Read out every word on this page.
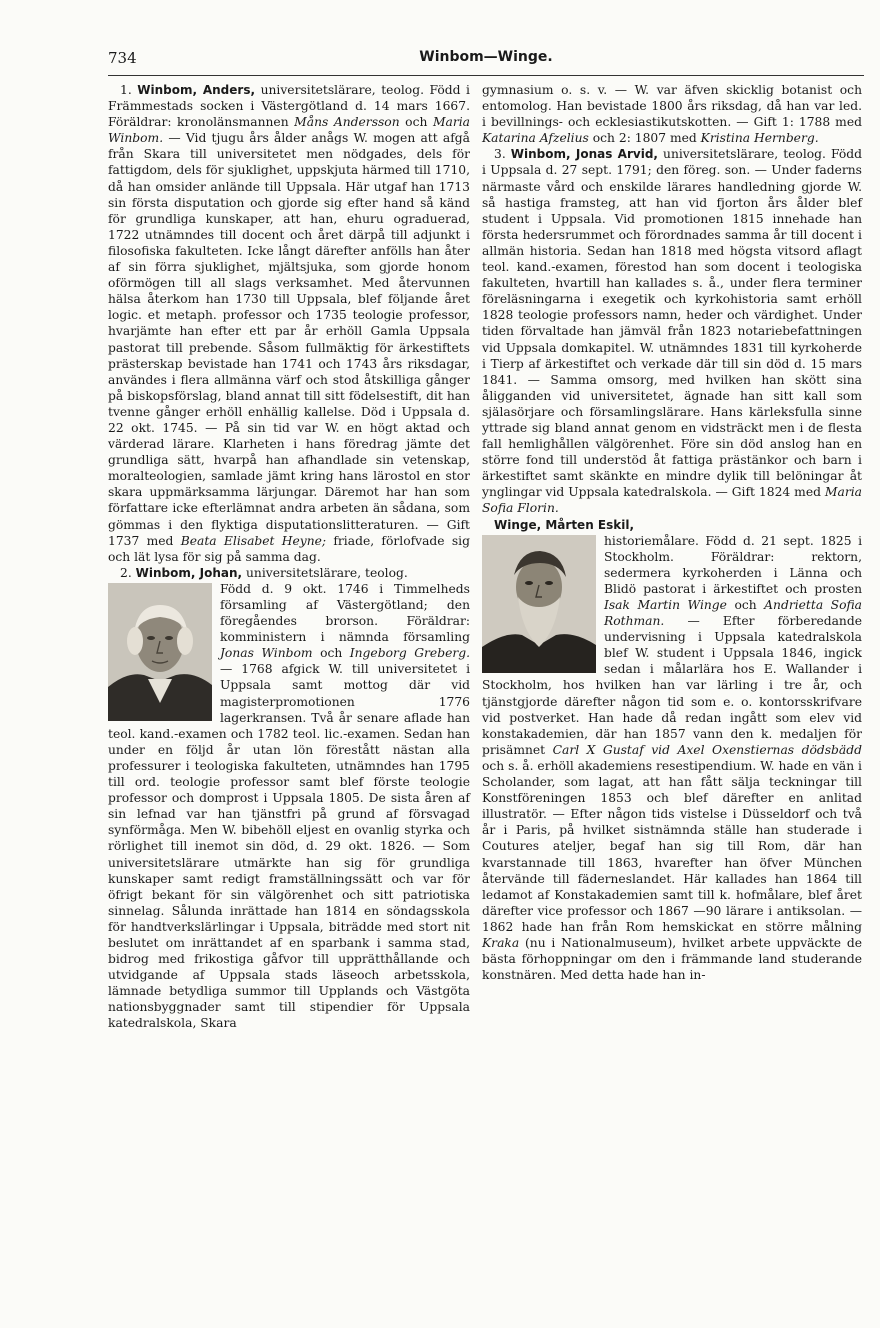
734	Winbom—Winge.

1. Winbom, Anders, universitetslärare, teolog. Född i Främmestads socken i Västergötland d. 14 mars 1667. Föräldrar: kronolänsmannen Måns Andersson och Maria Winbom. — Vid tjugu års ålder anågs W. mogen att afgå från Skara till universitetet men nödgades, dels för fattigdom, dels för sjuklighet, uppskjuta härmed till 1710, då han omsider anlände till Uppsala. Här utgaf han 1713 sin första disputation och gjorde sig efter hand så känd för grundliga kunskaper, att han, ehuru ograduerad, 1722 utnämndes till docent och året därpå till adjunkt i filosofiska fakulteten. Icke långt därefter anfölls han åter af sin förra sjuklighet, mjältsjuka, som gjorde honom oförmögen till all slags verksamhet. Med återvunnen hälsa återkom han 1730 till Uppsala, blef följande året logic. et metaph. professor och 1735 teologie professor, hvarjämte han efter ett par år erhöll Gamla Uppsala pastorat till prebende. Såsom fullmäktig för ärkestiftets prästerskap bevistade han 1741 och 1743 års riksdagar, användes i flera allmänna värf och stod åtskilliga gånger på biskopsförslag, bland annat till sitt födelsestift, dit han tvenne gånger erhöll enhällig kallelse. Död i Uppsala d. 22 okt. 1745. — På sin tid var W. en högt aktad och värderad lärare. Klarheten i hans föredrag jämte det grundliga sätt, hvarpå han afhandlade sin vetenskap, moralteologien, samlade jämt kring hans lärostol en stor skara uppmärksamma lärjungar. Däremot har han som författare icke efterlämnat andra arbeten än sådana, som gömmas i den flyktiga disputationslitteraturen. — Gift 1737 med Beata Elisabet Heyne; friade, förlofvade sig och lät lysa för sig på samma dag.

2. Winbom, Johan, universitetslärare, teolog.

Född d. 9 okt. 1746 i Timmelheds församling af Västergötland; den föregåendes brorson. Föräldrar: komministern i nämnda församling Jonas Winbom och Ingeborg Greberg. — 1768 afgick W. till universitetet i Uppsala samt mottog där vid magisterpromotionen 1776 lagerkransen. Två år senare aflade han teol. kand.-examen och 1782 teol. lic.-examen. Sedan han under en följd år utan lön förestått nästan alla professurer i teologiska fakulteten, utnämndes han 1795 till ord. teologie professor samt blef förste teologie professor och domprost i Uppsala 1805. De sista åren af sin lefnad var han tjänstfri på grund af försvagad synförmåga. Men W. bibehöll eljest en ovanlig styrka och rörlighet till inemot sin död, d. 29 okt. 1826. — Som universitetslärare utmärkte han sig för grundliga kunskaper samt redigt framställningssätt och var för öfrigt bekant för sin välgörenhet och sitt patriotiska sinnelag. Sålunda inrättade han 1814 en söndagsskola för handtverkslärlingar i Uppsala, biträdde med stort nit beslutet om inrättandet af en sparbank i samma stad, bidrog med frikostiga gåfvor till upprätthållande och utvidgande af Uppsala stads läseoch arbetsskola, lämnade betydliga summor till Upplands och Västgöta nationsbyggnader samt till stipendier för Uppsala katedralskola, Skara

gymnasium o. s. v. — W. var äfven skicklig botanist och entomolog. Han bevistade 1800 års riksdag, då han var led. i bevillnings- och ecklesiastikutskotten. — Gift 1: 1788 med Katarina Afzelius och 2: 1807 med Kristina Hernberg.

3. Winbom, Jonas Arvid, universitetslärare, teolog. Född i Uppsala d. 27 sept. 1791; den föreg. son. — Under faderns närmaste vård och enskilde lärares handledning gjorde W. så hastiga framsteg, att han vid fjorton års ålder blef student i Uppsala. Vid promotionen 1815 innehade han första hedersrummet och förordnades samma år till docent i allmän historia. Sedan han 1818 med högsta vitsord aflagt teol. kand.-examen, förestod han som docent i teologiska fakulteten, hvartill han kallades s. å., under flera terminer föreläsningarna i exegetik och kyrkohistoria samt erhöll 1828 teologie professors namn, heder och värdighet. Under tiden förvaltade han jämväl från 1823 notariebefattningen vid Uppsala domkapitel. W. utnämndes 1831 till kyrkoherde i Tierp af ärkestiftet och verkade där till sin död d. 15 mars 1841. — Samma omsorg, med hvilken han skött sina åligganden vid universitetet, ägnade han sitt kall som själasörjare och församlingslärare. Hans kärleksfulla sinne yttrade sig bland annat genom en vidsträckt men i de flesta fall hemlighållen välgörenhet. Före sin död anslog han en större fond till understöd åt fattiga prästänkor och barn i ärkestiftet samt skänkte en mindre dylik till belöningar åt ynglingar vid Uppsala katedralskola. — Gift 1824 med Maria Sofia Florin.

Winge, Mårten Eskil,

historiemålare. Född d. 21 sept. 1825 i Stockholm. Föräldrar: rektorn, sedermera kyrkoherden i Länna och Blidö pastorat i ärkestiftet och prosten Isak Martin Winge och Andrietta Sofia Rothman. — Efter förberedande undervisning i Uppsala katedralskola blef W. student i Uppsala 1846, ingick sedan i målarlära hos E. Wallander i Stockholm, hos hvilken han var lärling i tre år, och tjänstgjorde därefter någon tid som e. o. kontorsskrifvare vid postverket. Han hade då redan ingått som elev vid konstakademien, där han 1857 vann den k. medaljen för prisämnet Carl X Gustaf vid Axel Oxenstiernas dödsbädd och s. å. erhöll akademiens resestipendium. W. hade en vän i Scholander, som lagat, att han fått sälja teckningar till Konstföreningen 1853 och blef därefter en anlitad illustratör. — Efter någon tids vistelse i Düsseldorf och två år i Paris, på hvilket sistnämnda ställe han studerade i Coutures ateljer, begaf han sig till Rom, där han kvarstannade till 1863, hvarefter han öfver München återvände till fäderneslandet. Här kallades han 1864 till ledamot af Konstakademien samt till k. hofmålare, blef året därefter vice professor och 1867 —90 lärare i antiksolan. — 1862 hade han från Rom hemskickat en större målning Kraka (nu i Nationalmuseum), hvilket arbete uppväckte de bästa förhoppningar om den i främmande land studerande konstnären. Med detta hade han in-
